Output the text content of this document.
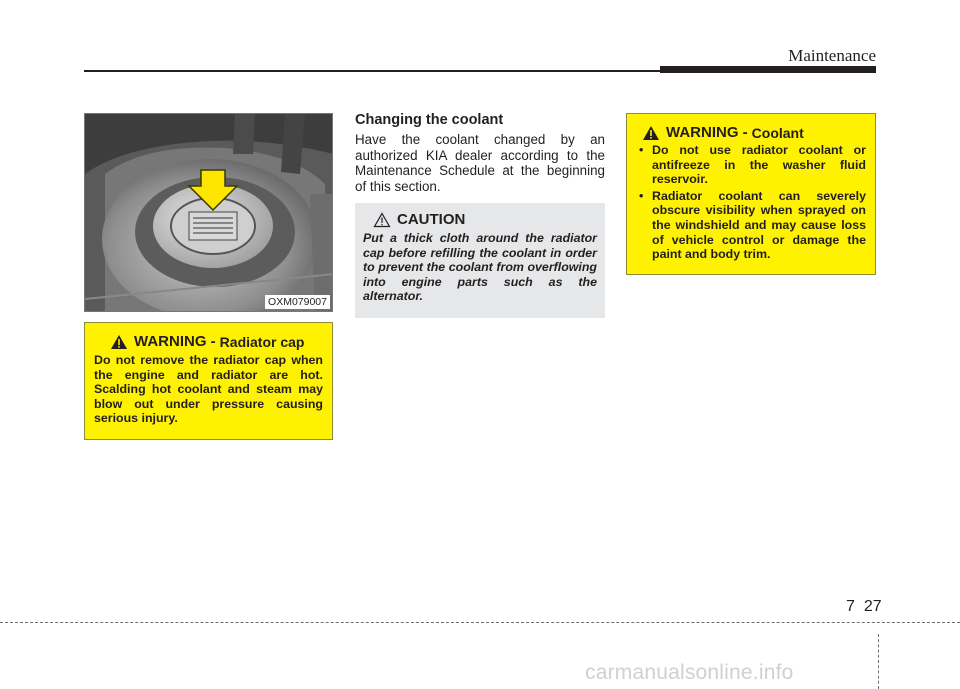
Maintenance
OXM079007
WARNING - Radiator cap
Do not remove the radiator cap when the engine and radiator are hot. Scalding hot coolant and steam may blow out under pressure causing serious injury.
Changing the coolant
Have the coolant changed by an authorized KIA dealer according to the Maintenance Schedule at the beginning of this section.
CAUTION
Put a thick cloth around the radiator cap before refilling the coolant in order to prevent the coolant from overflowing into engine parts such as the alternator.
WARNING - Coolant
• Do not use radiator coolant or antifreeze in the washer fluid reservoir.
• Radiator coolant can severely obscure visibility when sprayed on the windshield and may cause loss of vehicle control or damage the paint and body trim.
7 27
carmanualsonline.info
